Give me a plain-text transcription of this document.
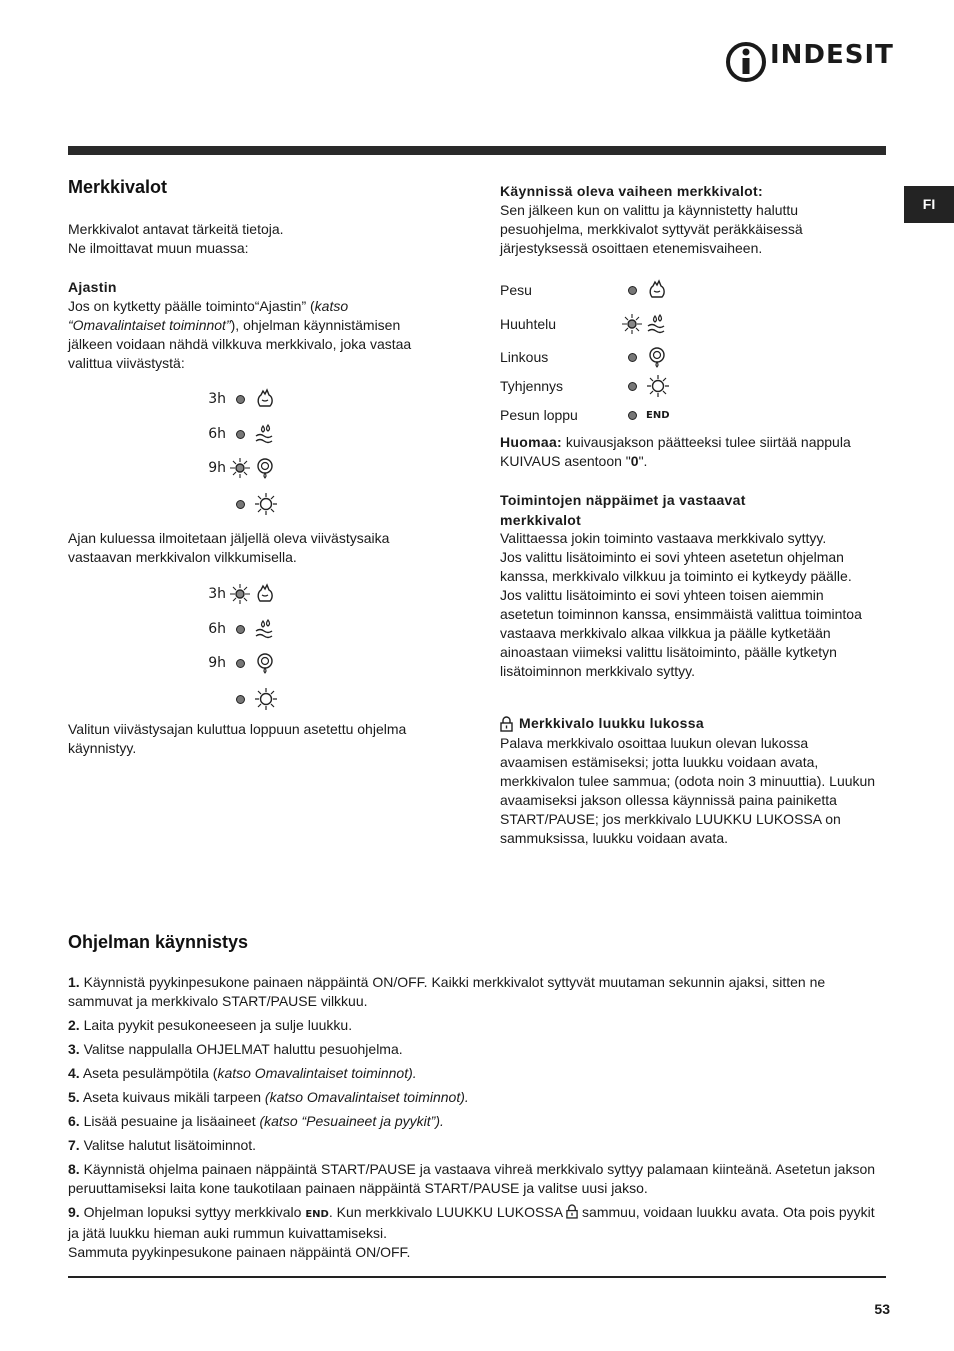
INDESIT
FI
Merkkivalot
Merkkivalot antavat tärkeitä tietoja.
Ne ilmoittavat muun muassa:
Ajastin
Jos on kytketty päälle toiminto“Ajastin” (katso “Omavalintaiset toiminnot”), ohjelman käynnistämisen jälkeen voidaan nähdä vilkkuva merkkivalo, joka vastaa valittua viivästystä:
3h
6h
9h
Ajan kuluessa ilmoitetaan jäljellä oleva viivästysaika vastaavan merkkivalon vilkkumisella.
3h
6h
9h
Valitun viivästysajan kuluttua loppuun asetettu ohjelma käynnistyy.
Käynnissä oleva vaiheen merkkivalot:
Sen jälkeen kun on valittu ja käynnistetty haluttu pesuohjelma, merkkivalot syttyvät peräkkäisessä järjestyksessä osoittaen etenemisvaiheen.
Pesu
Huuhtelu
Linkous
Tyhjennys
Pesun loppu	END
Huomaa: kuivausjakson päätteeksi tulee siirtää nappula KUIVAUS asentoon "0".
Toimintojen näppäimet ja vastaavat merkkivalot
Valittaessa jokin toiminto vastaava merkkivalo syttyy.
Jos valittu lisätoiminto ei sovi yhteen asetetun ohjelman kanssa, merkkivalo vilkkuu ja toiminto ei kytkeydy päälle.
Jos valittu lisätoiminto ei sovi yhteen toisen aiemmin asetetun toiminnon kanssa, ensimmäistä valittua toimintoa vastaava merkkivalo alkaa vilkkua ja päälle kytketään ainoastaan viimeksi valittu lisätoiminto, päälle kytketyn lisätoiminnon merkkivalo syttyy.
Merkkivalo luukku lukossa
Palava merkkivalo osoittaa luukun olevan lukossa avaamisen estämiseksi; jotta luukku voidaan avata, merkkivalon tulee sammua; (odota noin 3 minuuttia). Luukun avaamiseksi jakson ollessa käynnissä paina painiketta START/PAUSE; jos merkkivalo LUUKKU LUKOSSA on sammuksissa, luukku voidaan avata.
Ohjelman käynnistys
1. Käynnistä pyykinpesukone painaen näppäintä ON/OFF. Kaikki merkkivalot syttyvät muutaman sekunnin ajaksi, sitten ne sammuvat ja merkkivalo START/PAUSE vilkkuu.
2. Laita pyykit pesukoneeseen ja sulje luukku.
3. Valitse nappulalla OHJELMAT haluttu pesuohjelma.
4. Aseta pesulämpötila (katso Omavalintaiset toiminnot).
5. Aseta kuivaus mikäli tarpeen (katso Omavalintaiset toiminnot).
6. Lisää pesuaine ja lisäaineet (katso “Pesuaineet ja pyykit”).
7. Valitse halutut lisätoiminnot.
8. Käynnistä ohjelma painaen näppäintä START/PAUSE ja vastaava vihreä merkkivalo syttyy palamaan kiinteänä. Asetetun jakson peruuttamiseksi laita kone taukotilaan painaen näppäintä START/PAUSE ja valitse uusi jakso.
9. Ohjelman lopuksi syttyy merkkivalo END. Kun merkkivalo LUUKKU LUKOSSA  sammuu, voidaan luukku avata. Ota pois pyykit ja jätä luukku hieman auki rummun kuivattamiseksi.
Sammuta pyykinpesukone painaen näppäintä ON/OFF.
53
